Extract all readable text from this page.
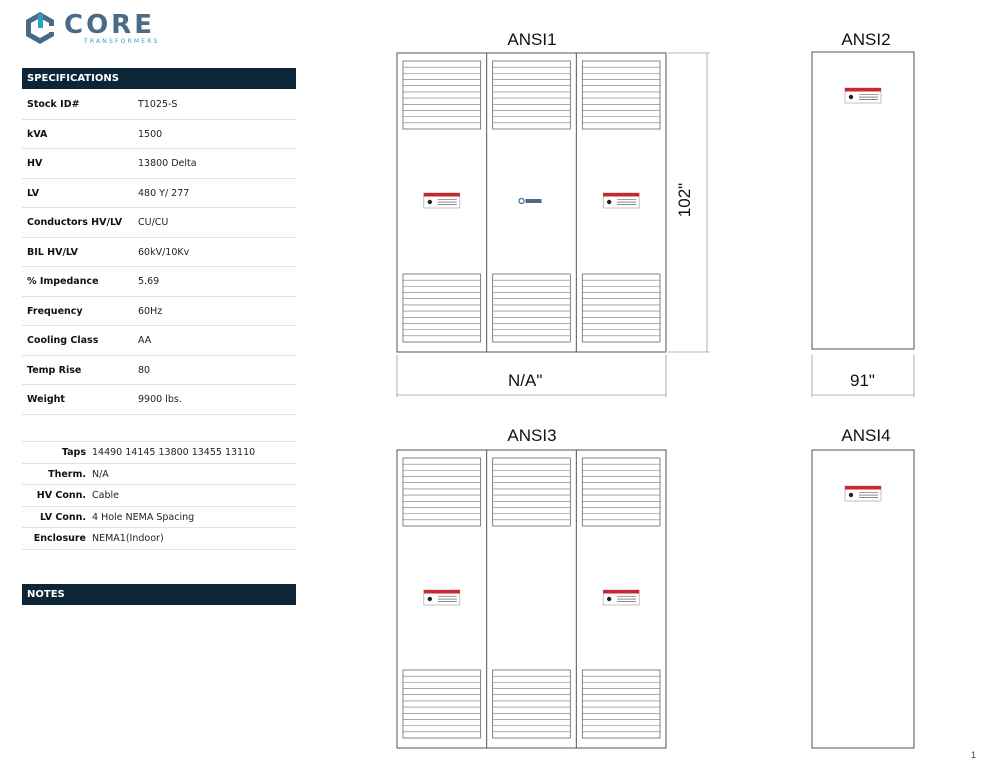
CORE
TRANSFORMERS
SPECIFICATIONS
Stock ID#	T1025-S
kVA	1500
HV	13800 Delta
LV	480 Y/ 277
Conductors HV/LV CU/CU
BIL HV/LV	60kV/10Kv
% Impedance	5.69
Frequency	60Hz
Cooling Class	AA
Temp Rise	80
Weight	9900 lbs.
Taps 14490 14145 13800 13455 13110
Therm. N/A
HV Conn. Cable
LV Conn. 4 Hole NEMA Spacing
Enclosure NEMA1(Indoor)
NOTES
ANSI1	ANSI2
ANSI3	ANSI4
N/A"	91"
102"
1
